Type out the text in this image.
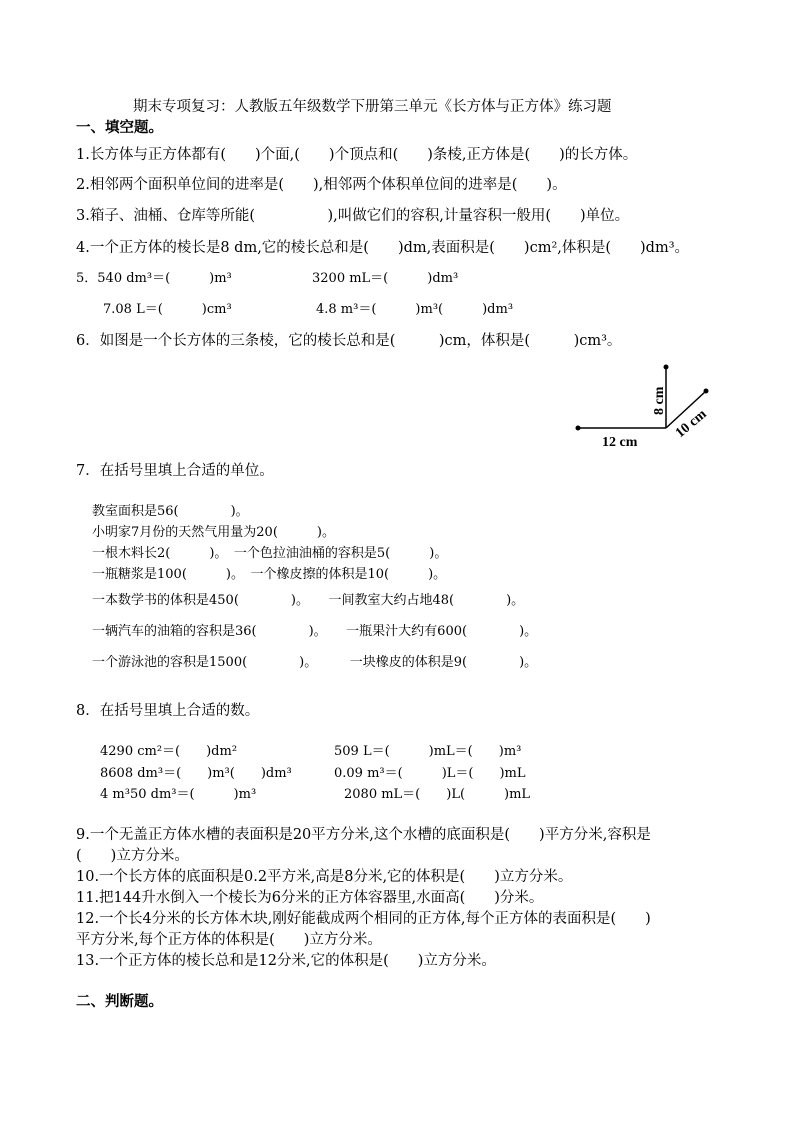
期末专项复习：人教版五年级数学下册第三单元《长方体与正方体》练习题
一、填空题。
1.长方体与正方体都有(　　)个面,(　　)个顶点和(　　)条棱,正方体是(　　)的长方体。
2.相邻两个面积单位间的进率是(　　),相邻两个体积单位间的进率是(　　)。
3.箱子、油桶、仓库等所能(　　　　　),叫做它们的容积,计量容积一般用(　　)单位。
4.一个正方体的棱长是8 dm,它的棱长总和是(　　)dm,表面积是(　　)cm²,体积是(　　)dm³。
5．540 dm³＝(　　　)m³	3200 mL＝(　　　)dm³
7.08 L＝(　　　)cm³	4.8 m³＝(　　　)m³(　　　)dm³
6．如图是一个长方体的三条棱，它的棱长总和是(　　　)cm，体积是(　　　)cm³。
12 cm
8 cm
10 cm
7．在括号里填上合适的单位。
教室面积是56(　　　　)。
小明家7月份的天然气用量为20(　　　)。
一根木料长2(　　　)。　一个色拉油油桶的容积是5(　　　)。
一瓶糖浆是100(　　　)。　一个橡皮擦的体积是10(　　　)。
一本数学书的体积是450(　　　　)。　　一间教室大约占地48(　　　　)。
一辆汽车的油箱的容积是36(　　　　)。　　一瓶果汁大约有600(　　　　)。
一个游泳池的容积是1500(　　　　)。　　　一块橡皮的体积是9(　　　　)。
8．在括号里填上合适的数。
4290 cm²＝(　　)dm²	509 L＝(　　　)mL＝(　　)m³
8608 dm³＝(　　)m³(　　)dm³	0.09 m³＝(　　　)L＝(　　)mL
4 m³50 dm³＝(　　　)m³	2080 mL＝(　　)L(　　　)mL
9.一个无盖正方体水槽的表面积是20平方分米,这个水槽的底面积是(　　)平方分米,容积是
(　　)立方分米。
10.一个长方体的底面积是0.2平方米,高是8分米,它的体积是(　　)立方分米。
11.把144升水倒入一个棱长为6分米的正方体容器里,水面高(　　)分米。
12.一个长4分米的长方体木块,刚好能截成两个相同的正方体,每个正方体的表面积是(　　)
平方分米,每个正方体的体积是(　　)立方分米。
13.一个正方体的棱长总和是12分米,它的体积是(　　)立方分米。
二、判断题。
